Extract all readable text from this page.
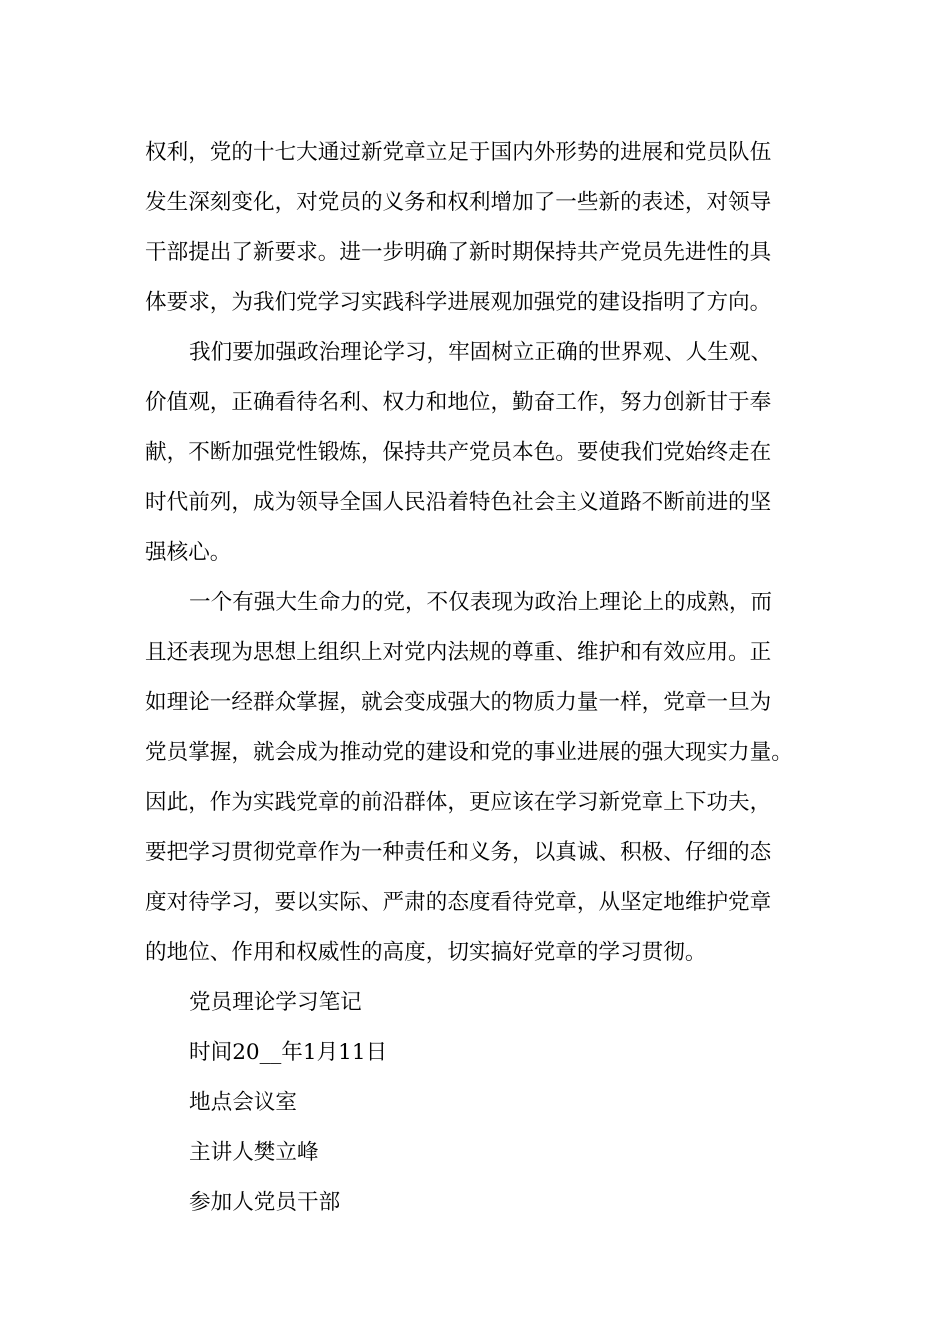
权利，党的十七大通过新党章立足于国内外形势的进展和党员队伍
发生深刻变化，对党员的义务和权利增加了一些新的表述，对领导
干部提出了新要求。进一步明确了新时期保持共产党员先进性的具
体要求，为我们党学习实践科学进展观加强党的建设指明了方向。
我们要加强政治理论学习，牢固树立正确的世界观、人生观、
价值观，正确看待名利、权力和地位，勤奋工作，努力创新甘于奉
献，不断加强党性锻炼，保持共产党员本色。要使我们党始终走在
时代前列，成为领导全国人民沿着特色社会主义道路不断前进的坚
强核心。
一个有强大生命力的党，不仅表现为政治上理论上的成熟，而
且还表现为思想上组织上对党内法规的尊重、维护和有效应用。正
如理论一经群众掌握，就会变成强大的物质力量一样，党章一旦为
党员掌握，就会成为推动党的建设和党的事业进展的强大现实力量。
因此，作为实践党章的前沿群体，更应该在学习新党章上下功夫，
要把学习贯彻党章作为一种责任和义务，以真诚、积极、仔细的态
度对待学习，要以实际、严肃的态度看待党章，从坚定地维护党章
的地位、作用和权威性的高度，切实搞好党章的学习贯彻。
党员理论学习笔记
时间20__年1月11日
地点会议室
主讲人樊立峰
参加人党员干部
